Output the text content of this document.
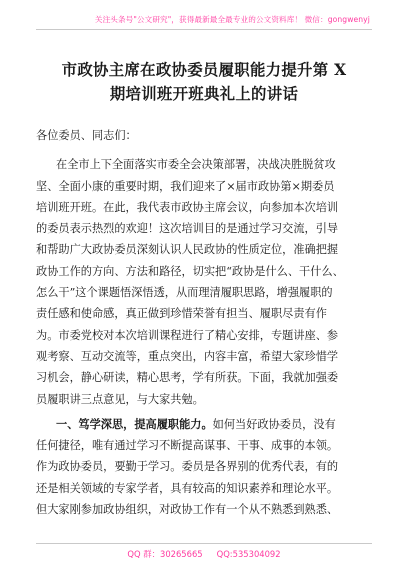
关注头条号"公文研究"，获得最新最全最专业的公文资料库！ 微信：gongwenyj
市政协主席在政协委员履职能力提升第 X
期培训班开班典礼上的讲话
各位委员、同志们：
在全市上下全面落实市委全会决策部署，决战决胜脱贫攻
坚、全面小康的重要时期，我们迎来了×届市政协第×期委员
培训班开班。在此，我代表市政协主席会议，向参加本次培训
的委员表示热烈的欢迎！这次培训目的是通过学习交流，引导
和帮助广大政协委员深刻认识人民政协的性质定位，准确把握
政协工作的方向、方法和路径，切实把“政协是什么、干什么、
怎么干”这个课题悟深悟透，从而理清履职思路，增强履职的
责任感和使命感，真正做到珍惜荣誉有担当、履职尽责有作
为。市委党校对本次培训课程进行了精心安排，专题讲座、参
观考察、互动交流等，重点突出，内容丰富，希望大家珍惜学
习机会，静心研读，精心思考，学有所获。下面，我就加强委
员履职讲三点意见，与大家共勉。
一、笃学深思，提高履职能力。如何当好政协委员，没有
任何捷径，唯有通过学习不断提高谋事、干事、成事的本领。
作为政协委员，要勤于学习。委员是各界别的优秀代表，有的
还是相关领域的专家学者，具有较高的知识素养和理论水平。
但大家刚参加政协组织，对政协工作有一个从不熟悉到熟悉、
QQ 群：30265665 QQ:535304092
